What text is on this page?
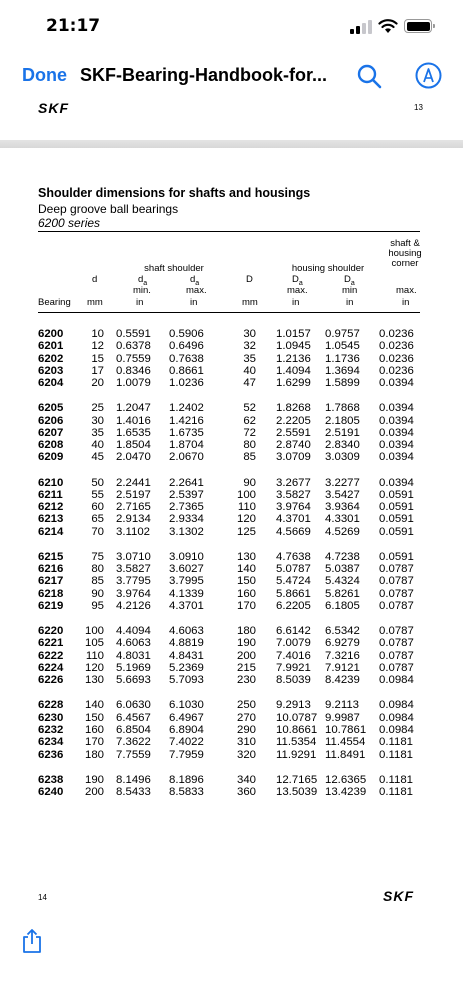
21:17
Done SKF-Bearing-Handbook-for...
SKF	13
Shoulder dimensions for shafts and housings
Deep groove ball bearings
6200 series
shaft &
housing
corner
d
shaft shoulder
$d_a$	$d_a$
min.	max.
D
housing shoulder
$D_a$	$D_a$
max.	min	max.
Bearing mm	in	in	mm	in	in	in
6200 10 0.5591 0.5906	30 1.0157 0.9757 0.0236
6201 12 0.6378 0.6496	32 1.0945 1.0545 0.0236
6202 15 0.7559 0.7638	35 1.2136 1.1736 0.0236
6203 17 0.8346 0.8661	40 1.4094 1.3694 0.0236
6204 20 1.0079 1.0236	47 1.6299 1.5899 0.0394
6205 25 1.2047 1.2402	52 1.8268 1.7868 0.0394
6206 30 1.4016 1.4216	62 2.2205 2.1805 0.0394
6207 35 1.6535 1.6735	72 2.5591 2.5191 0.0394
6208 40 1.8504 1.8704	80 2.8740 2.8340 0.0394
6209 45 2.0470 2.0670	85 3.0709 3.0309 0.0394
6210 50 2.2441 2.2641	90 3.2677 3.2277 0.0394
6211	55 2.5197 2.5397	100 3.5827 3.5427 0.0591
6212 60 2.7165 2.7365	110 3.9764 3.9364 0.0591
6213 65 2.9134 2.9334	120 4.3701 4.3301 0.0591
6214 70 3.1102 3.1302	125 4.5669 4.5269 0.0591
6215 75 3.0710 3.0910	130 4.7638 4.7238 0.0591
6216 80 3.5827 3.6027	140 5.0787 5.0387 0.0787
6217 85 3.7795 3.7995	150 5.4724 5.4324 0.0787
6218 90 3.9764 4.1339	160 5.8661 5.8261 0.0787
6219 95 4.2126 4.3701	170 6.2205 6.1805 0.0787
6220 100 4.4094 4.6063	180 6.6142 6.5342 0.0787
6221 105 4.6063 4.8819	190 7.0079 6.9279 0.0787
6222 110 4.8031 4.8431	200 7.4016 7.3216 0.0787
6224 120 5.1969 5.2369	215 7.9921 7.9121 0.0787
6226 130 5.6693 5.7093	230 8.5039 8.4239 0.0984
6228 140 6.0630 6.1030	250 9.2913 9.2113 0.0984
6230 150 6.4567 6.4967	270 10.0787 9.9987 0.0984
6232 160 6.8504 6.8904	290 10.8661 10.7861 0.0984
6234 170 7.3622 7.4022	310 11.5354 11.4554 0.1181
6236 180 7.7559 7.7959	320 11.9291 11.8491 0.1181
6238 190 8.1496 8.1896	340 12.7165 12.6365 0.1181
6240 200 8.5433 8.5833	360 13.5039 13.4239 0.1181
14	SKF
